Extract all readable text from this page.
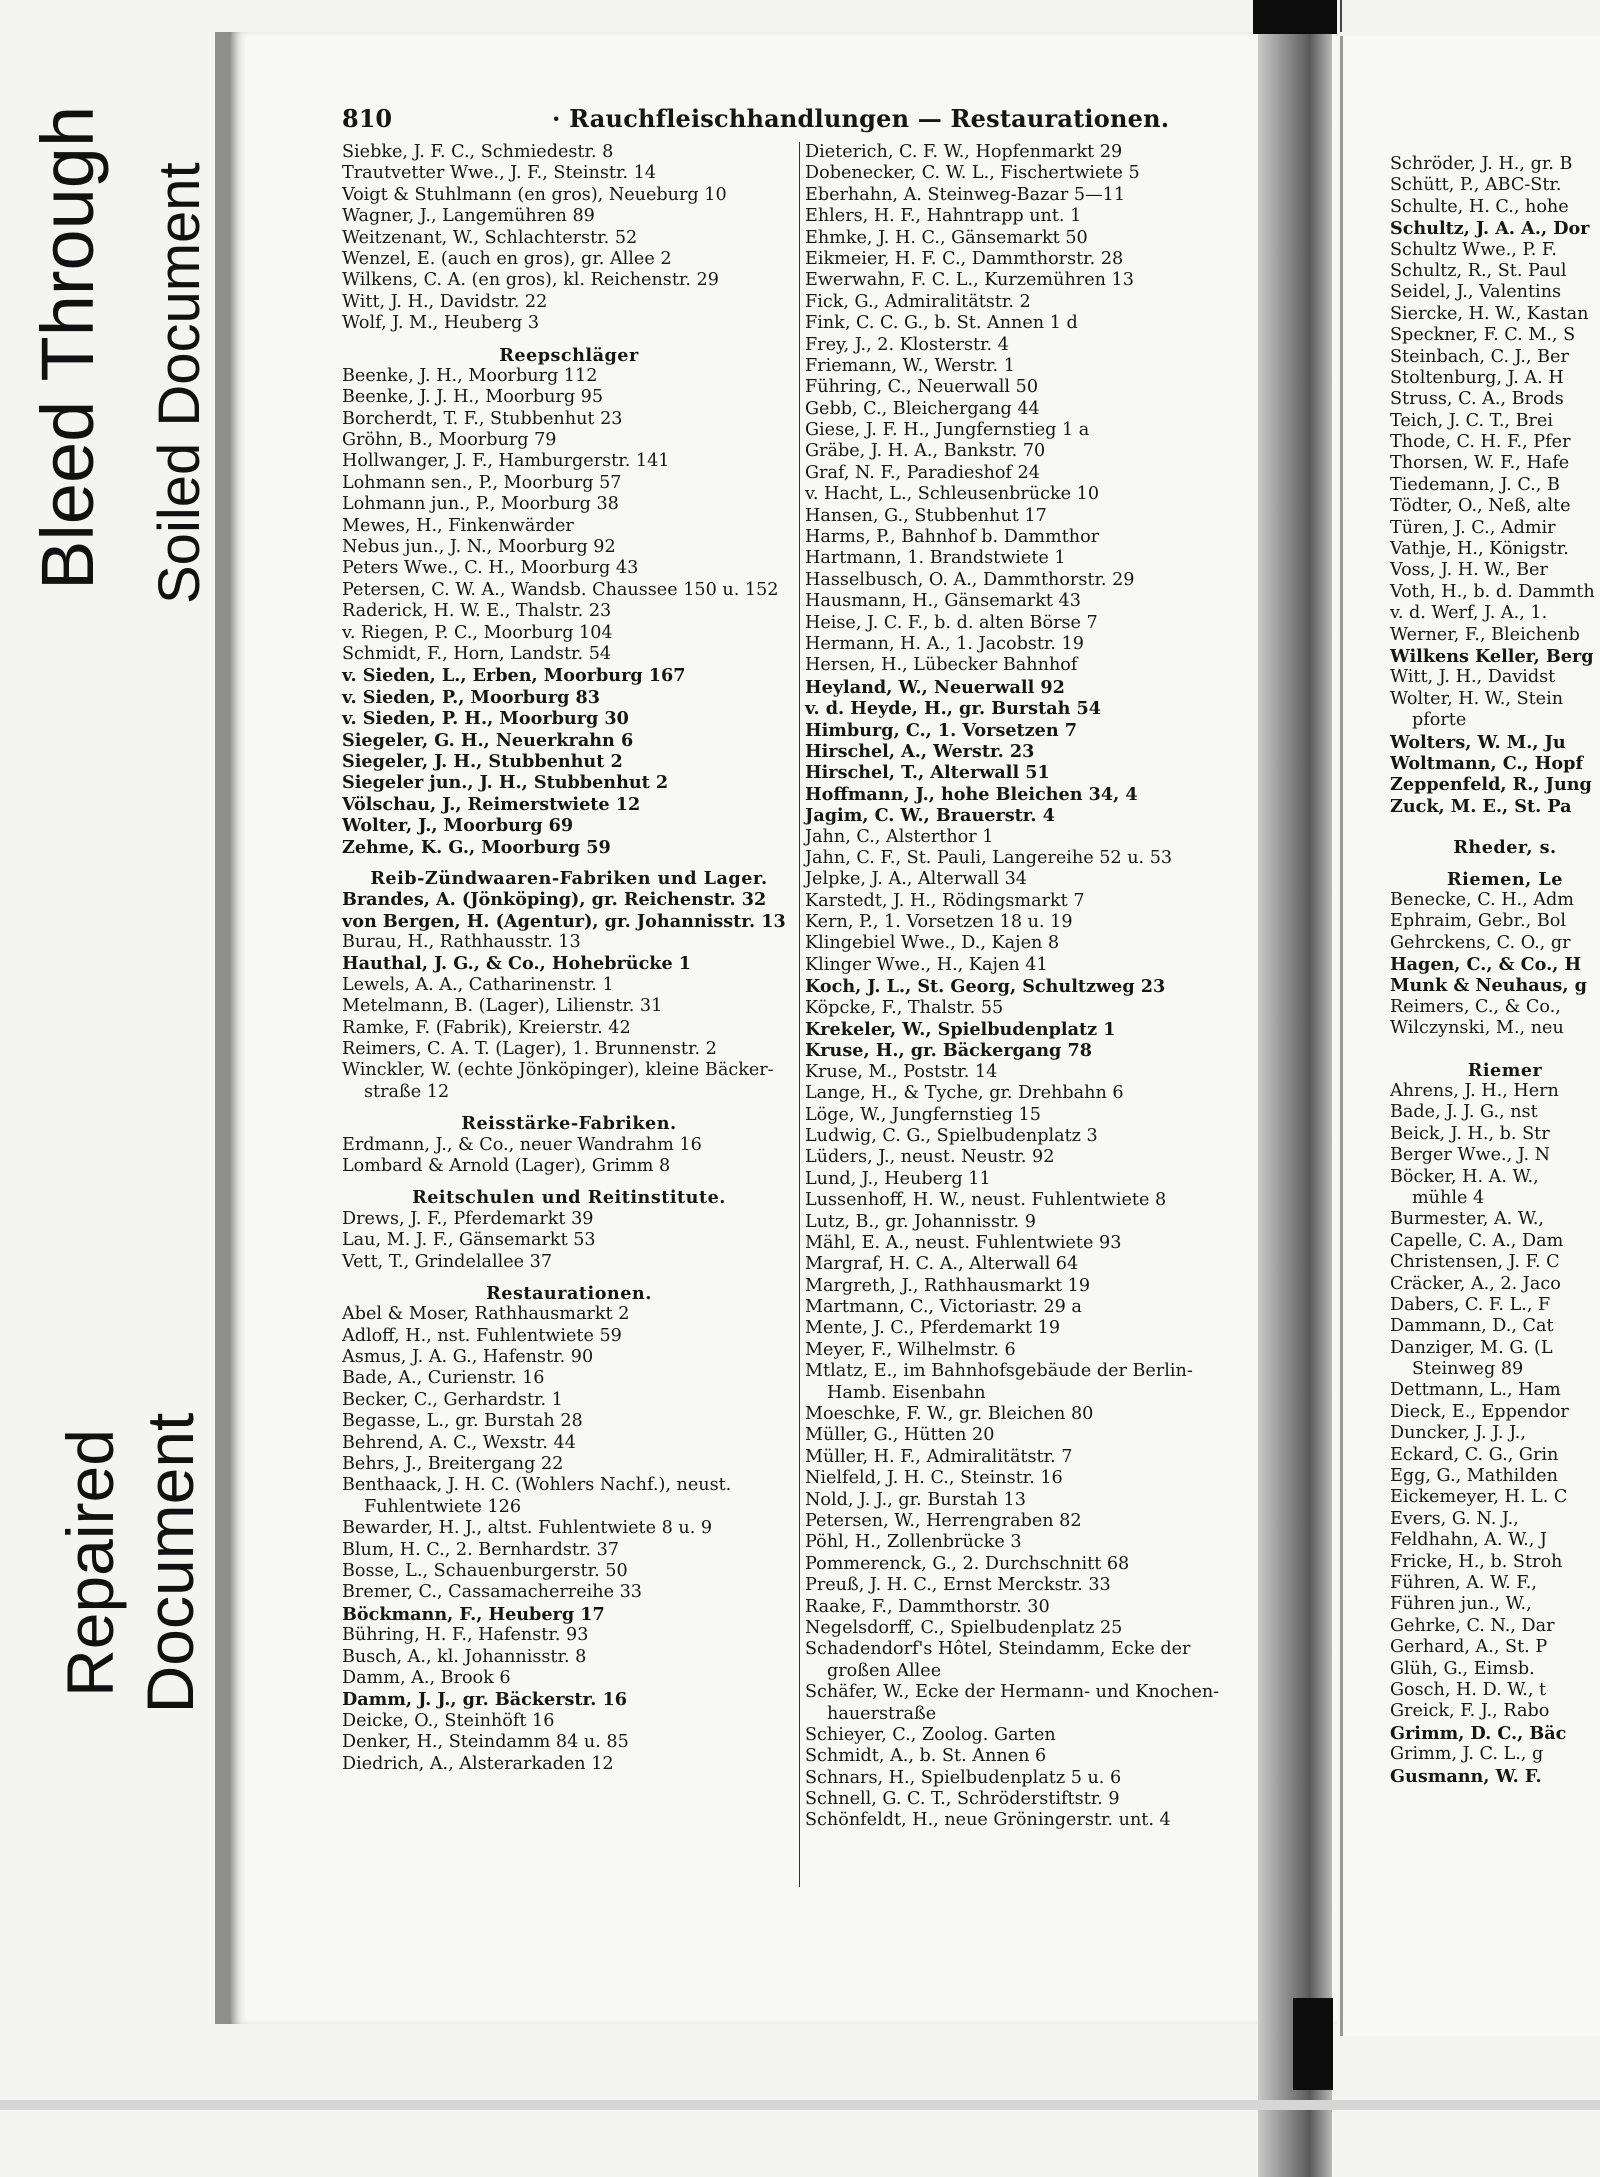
Bleed Through Soiled Document
Repaired Document
810	· Rauchfleischhandlungen — Restaurationen.
Siebke, J. F. C., Schmiedestr. 8
Trautvetter Wwe., J. F., Steinstr. 14
Voigt & Stuhlmann (en gros), Neueburg 10
Wagner, J., Langemühren 89
Weitzenant, W., Schlachterstr. 52
Wenzel, E. (auch en gros), gr. Allee 2
Wilkens, C. A. (en gros), kl. Reichenstr. 29
Witt, J. H., Davidstr. 22
Wolf, J. M., Heuberg 3
Reepschläger
Beenke, J. H., Moorburg 112
Beenke, J. J. H., Moorburg 95
Borcherdt, T. F., Stubbenhut 23
Gröhn, B., Moorburg 79
Hollwanger, J. F., Hamburgerstr. 141
Lohmann sen., P., Moorburg 57
Lohmann jun., P., Moorburg 38
Mewes, H., Finkenwärder
Nebus jun., J. N., Moorburg 92
Peters Wwe., C. H., Moorburg 43
Petersen, C. W. A., Wandsb. Chaussee 150 u. 152
Raderick, H. W. E., Thalstr. 23
v. Riegen, P. C., Moorburg 104
Schmidt, F., Horn, Landstr. 54
v. Sieden, L., Erben, Moorburg 167
v. Sieden, P., Moorburg 83
v. Sieden, P. H., Moorburg 30
Siegeler, G. H., Neuerkrahn 6
Siegeler, J. H., Stubbenhut 2
Siegeler jun., J. H., Stubbenhut 2
Völschau, J., Reimerstwiete 12
Wolter, J., Moorburg 69
Zehme, K. G., Moorburg 59
Reib-Zündwaaren-Fabriken und Lager.
Brandes, A. (Jönköping), gr. Reichenstr. 32
von Bergen, H. (Agentur), gr. Johannisstr. 13
Burau, H., Rathhausstr. 13
Hauthal, J. G., & Co., Hohebrücke 1
Lewels, A. A., Catharinenstr. 1
Metelmann, B. (Lager), Lilienstr. 31
Ramke, F. (Fabrik), Kreierstr. 42
Reimers, C. A. T. (Lager), 1. Brunnenstr. 2
Winckler, W. (echte Jönköpinger), kleine Bäcker-
straße 12
Reisstärke-Fabriken.
Erdmann, J., & Co., neuer Wandrahm 16
Lombard & Arnold (Lager), Grimm 8
Reitschulen und Reitinstitute.
Drews, J. F., Pferdemarkt 39
Lau, M. J. F., Gänsemarkt 53
Vett, T., Grindelallee 37
Restaurationen.
Abel & Moser, Rathhausmarkt 2
Adloff, H., nst. Fuhlentwiete 59
Asmus, J. A. G., Hafenstr. 90
Bade, A., Curienstr. 16
Becker, C., Gerhardstr. 1
Begasse, L., gr. Burstah 28
Behrend, A. C., Wexstr. 44
Behrs, J., Breitergang 22
Benthaack, J. H. C. (Wohlers Nachf.), neust.
Fuhlentwiete 126
Bewarder, H. J., altst. Fuhlentwiete 8 u. 9
Blum, H. C., 2. Bernhardstr. 37
Bosse, L., Schauenburgerstr. 50
Bremer, C., Cassamacherreihe 33
Böckmann, F., Heuberg 17
Bühring, H. F., Hafenstr. 93
Busch, A., kl. Johannisstr. 8
Damm, A., Brook 6
Damm, J. J., gr. Bäckerstr. 16
Deicke, O., Steinhöft 16
Denker, H., Steindamm 84 u. 85
Diedrich, A., Alsterarkaden 12
Dieterich, C. F. W., Hopfenmarkt 29
Dobenecker, C. W. L., Fischertwiete 5
Eberhahn, A. Steinweg-Bazar 5—11
Ehlers, H. F., Hahntrapp unt. 1
Ehmke, J. H. C., Gänsemarkt 50
Eikmeier, H. F. C., Dammthorstr. 28
Ewerwahn, F. C. L., Kurzemühren 13
Fick, G., Admiralitätstr. 2
Fink, C. C. G., b. St. Annen 1 d
Frey, J., 2. Klosterstr. 4
Friemann, W., Werstr. 1
Führing, C., Neuerwall 50
Gebb, C., Bleichergang 44
Giese, J. F. H., Jungfernstieg 1 a
Gräbe, J. H. A., Bankstr. 70
Graf, N. F., Paradieshof 24
v. Hacht, L., Schleusenbrücke 10
Hansen, G., Stubbenhut 17
Harms, P., Bahnhof b. Dammthor
Hartmann, 1. Brandstwiete 1
Hasselbusch, O. A., Dammthorstr. 29
Hausmann, H., Gänsemarkt 43
Heise, J. C. F., b. d. alten Börse 7
Hermann, H. A., 1. Jacobstr. 19
Hersen, H., Lübecker Bahnhof
Heyland, W., Neuerwall 92
v. d. Heyde, H., gr. Burstah 54
Himburg, C., 1. Vorsetzen 7
Hirschel, A., Werstr. 23
Hirschel, T., Alterwall 51
Hoffmann, J., hohe Bleichen 34, 4
Jagim, C. W., Brauerstr. 4
Jahn, C., Alsterthor 1
Jahn, C. F., St. Pauli, Langereihe 52 u. 53
Jelpke, J. A., Alterwall 34
Karstedt, J. H., Rödingsmarkt 7
Kern, P., 1. Vorsetzen 18 u. 19
Klingebiel Wwe., D., Kajen 8
Klinger Wwe., H., Kajen 41
Koch, J. L., St. Georg, Schultzweg 23
Köpcke, F., Thalstr. 55
Krekeler, W., Spielbudenplatz 1
Kruse, H., gr. Bäckergang 78
Kruse, M., Poststr. 14
Lange, H., & Tyche, gr. Drehbahn 6
Löge, W., Jungfernstieg 15
Ludwig, C. G., Spielbudenplatz 3
Lüders, J., neust. Neustr. 92
Lund, J., Heuberg 11
Lussenhoff, H. W., neust. Fuhlentwiete 8
Lutz, B., gr. Johannisstr. 9
Mähl, E. A., neust. Fuhlentwiete 93
Margraf, H. C. A., Alterwall 64
Margreth, J., Rathhausmarkt 19
Martmann, C., Victoriastr. 29 a
Mente, J. C., Pferdemarkt 19
Meyer, F., Wilhelmstr. 6
Mtlatz, E., im Bahnhofsgebäude der Berlin-
Hamb. Eisenbahn
Moeschke, F. W., gr. Bleichen 80
Müller, G., Hütten 20
Müller, H. F., Admiralitätstr. 7
Nielfeld, J. H. C., Steinstr. 16
Nold, J. J., gr. Burstah 13
Petersen, W., Herrengraben 82
Pöhl, H., Zollenbrücke 3
Pommerenck, G., 2. Durchschnitt 68
Preuß, J. H. C., Ernst Merckstr. 33
Raake, F., Dammthorstr. 30
Negelsdorff, C., Spielbudenplatz 25
Schadendorf's Hôtel, Steindamm, Ecke der
großen Allee
Schäfer, W., Ecke der Hermann- und Knochen-
hauerstraße
Schieyer, C., Zoolog. Garten
Schmidt, A., b. St. Annen 6
Schnars, H., Spielbudenplatz 5 u. 6
Schnell, G. C. T., Schröderstiftstr. 9
Schönfeldt, H., neue Gröningerstr. unt. 4
Schröder, J. H., gr. B
Schütt, P., ABC-Str.
Schulte, H. C., hohe
Schultz, J. A. A., Dor
Schultz Wwe., P. F.
Schultz, R., St. Paul
Seidel, J., Valentins
Siercke, H. W., Kastan
Speckner, F. C. M., S
Steinbach, C. J., Ber
Stoltenburg, J. A. H
Struss, C. A., Brods
Teich, J. C. T., Brei
Thode, C. H. F., Pfer
Thorsen, W. F., Hafe
Tiedemann, J. C., B
Tödter, O., Neß, alte
Türen, J. C., Admir
Vathje, H., Königstr.
Voss, J. H. W., Ber
Voth, H., b. d. Dammth
v. d. Werf, J. A., 1.
Werner, F., Bleichenb
Wilkens Keller, Berg
Witt, J. H., Davidst
Wolter, H. W., Stein
pforte
Wolters, W. M., Ju
Woltmann, C., Hopf
Zeppenfeld, R., Jung
Zuck, M. E., St. Pa
Rheder, s.
Riemen, Le
Benecke, C. H., Adm
Ephraim, Gebr., Bol
Gehrckens, C. O., gr
Hagen, C., & Co., H
Munk & Neuhaus, g
Reimers, C., & Co.,
Wilczynski, M., neu
Riemer
Ahrens, J. H., Hern
Bade, J. J. G., nst
Beick, J. H., b. Str
Berger Wwe., J. N
Böcker, H. A. W.,
mühle 4
Burmester, A. W.,
Capelle, C. A., Dam
Christensen, J. F. C
Cräcker, A., 2. Jaco
Dabers, C. F. L., F
Dammann, D., Cat
Danziger, M. G. (L
Steinweg 89
Dettmann, L., Ham
Dieck, E., Eppendor
Duncker, J. J. J.,
Eckard, C. G., Grin
Egg, G., Mathilden
Eickemeyer, H. L. C
Evers, G. N. J.,
Feldhahn, A. W., J
Fricke, H., b. Stroh
Führen, A. W. F.,
Führen jun., W.,
Gehrke, C. N., Dar
Gerhard, A., St. P
Glüh, G., Eimsb.
Gosch, H. D. W., t
Greick, F. J., Rabo
Grimm, D. C., Bäc
Grimm, J. C. L., g
Gusmann, W. F.
